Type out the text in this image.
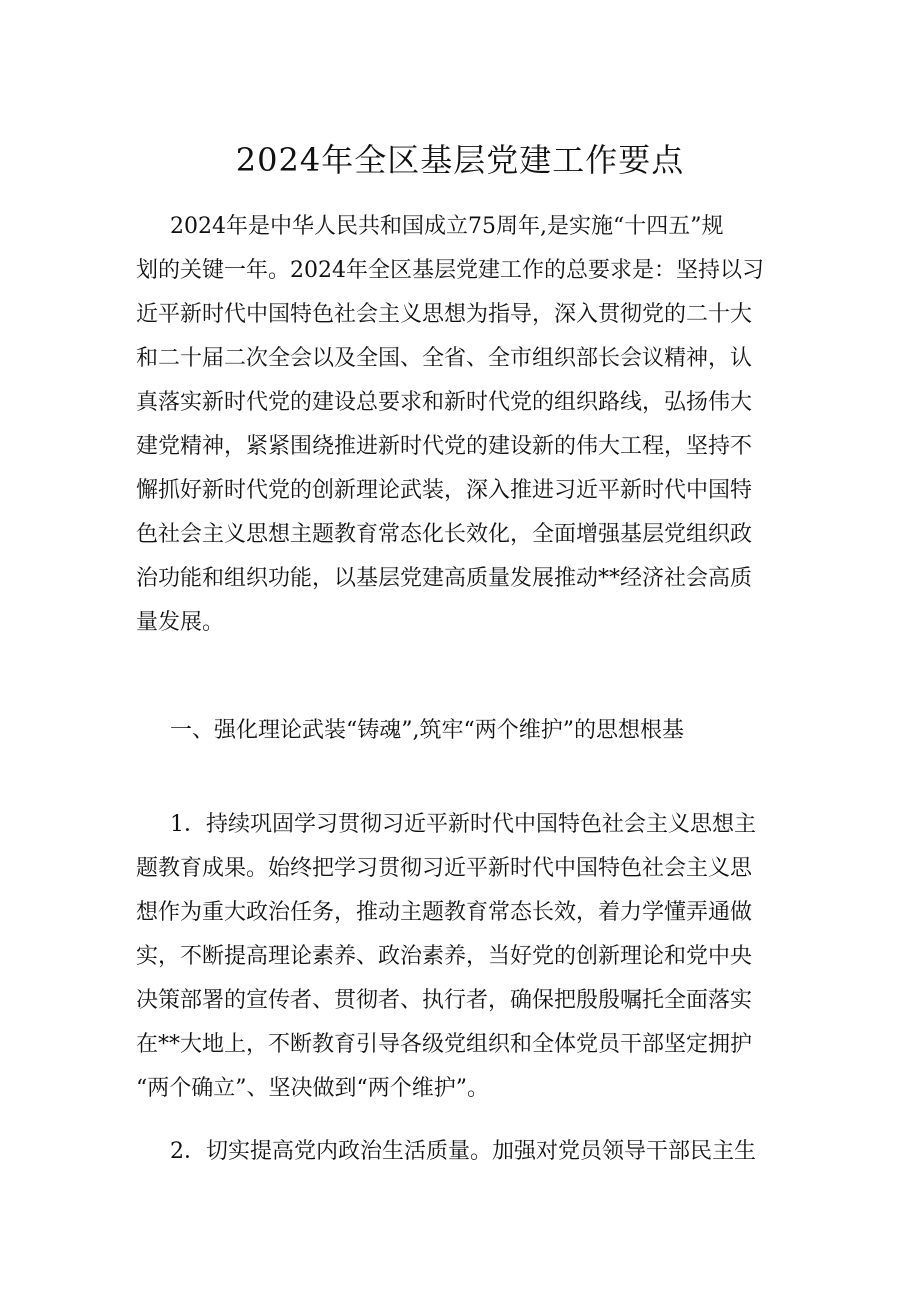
2024年全区基层党建工作要点
2024年是中华人民共和国成立75周年,是实施“十四五”规
划的关键一年。2024年全区基层党建工作的总要求是：坚持以习
近平新时代中国特色社会主义思想为指导，深入贯彻党的二十大
和二十届二次全会以及全国、全省、全市组织部长会议精神，认
真落实新时代党的建设总要求和新时代党的组织路线，弘扬伟大
建党精神，紧紧围绕推进新时代党的建设新的伟大工程，坚持不
懈抓好新时代党的创新理论武装，深入推进习近平新时代中国特
色社会主义思想主题教育常态化长效化，全面增强基层党组织政
治功能和组织功能，以基层党建高质量发展推动**经济社会高质
量发展。
一、强化理论武装“铸魂”,筑牢“两个维护”的思想根基
1．持续巩固学习贯彻习近平新时代中国特色社会主义思想主
题教育成果。始终把学习贯彻习近平新时代中国特色社会主义思
想作为重大政治任务，推动主题教育常态长效，着力学懂弄通做
实，不断提高理论素养、政治素养，当好党的创新理论和党中央
决策部署的宣传者、贯彻者、执行者，确保把殷殷嘱托全面落实
在**大地上，不断教育引导各级党组织和全体党员干部坚定拥护
“两个确立”、坚决做到“两个维护”。
2．切实提高党内政治生活质量。加强对党员领导干部民主生
